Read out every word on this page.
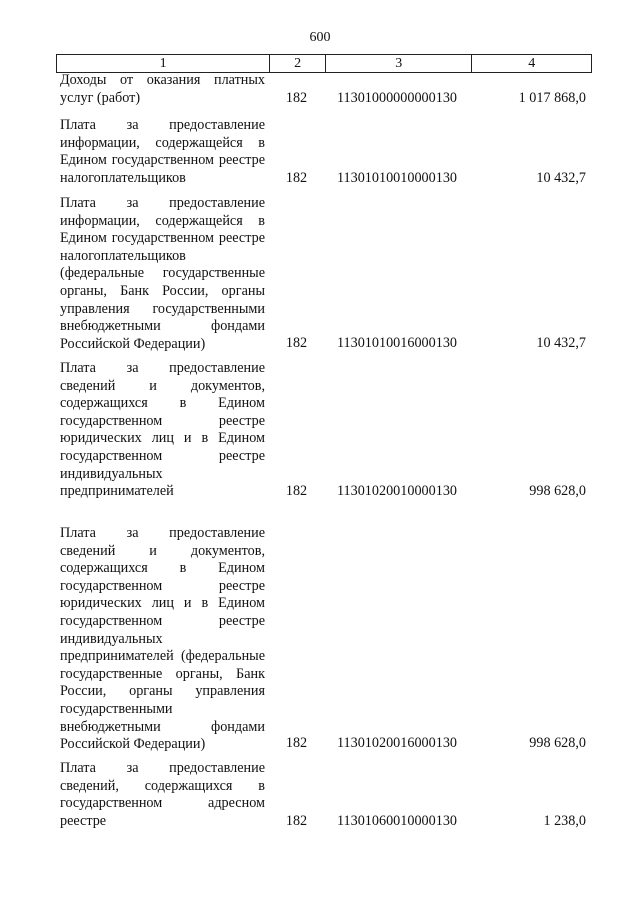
600
1	2	3	4
Доходы от оказания платных услуг (работ)	182	11301000000000130	1 017 868,0
Плата за предоставление информации, содержащейся в Едином государственном реестре налогоплательщиков	182	11301010010000130	10 432,7
Плата за предоставление информации, содержащейся в Едином государственном реестре налогоплательщиков (федеральные государственные органы, Банк России, органы управления государственными внебюджетными фондами Российской Федерации)	182	11301010016000130	10 432,7
Плата за предоставление сведений и документов, содержащихся в Едином государственном реестре юридических лиц и в Едином государственном реестре индивидуальных предпринимателей	182	11301020010000130	998 628,0
Плата за предоставление сведений и документов, содержащихся в Едином государственном реестре юридических лиц и в Едином государственном реестре индивидуальных предпринимателей (федеральные государственные органы, Банк России, органы управления государственными внебюджетными фондами Российской Федерации)	182	11301020016000130	998 628,0
Плата за предоставление сведений, содержащихся в государственном адресном реестре	182	11301060010000130	1 238,0
